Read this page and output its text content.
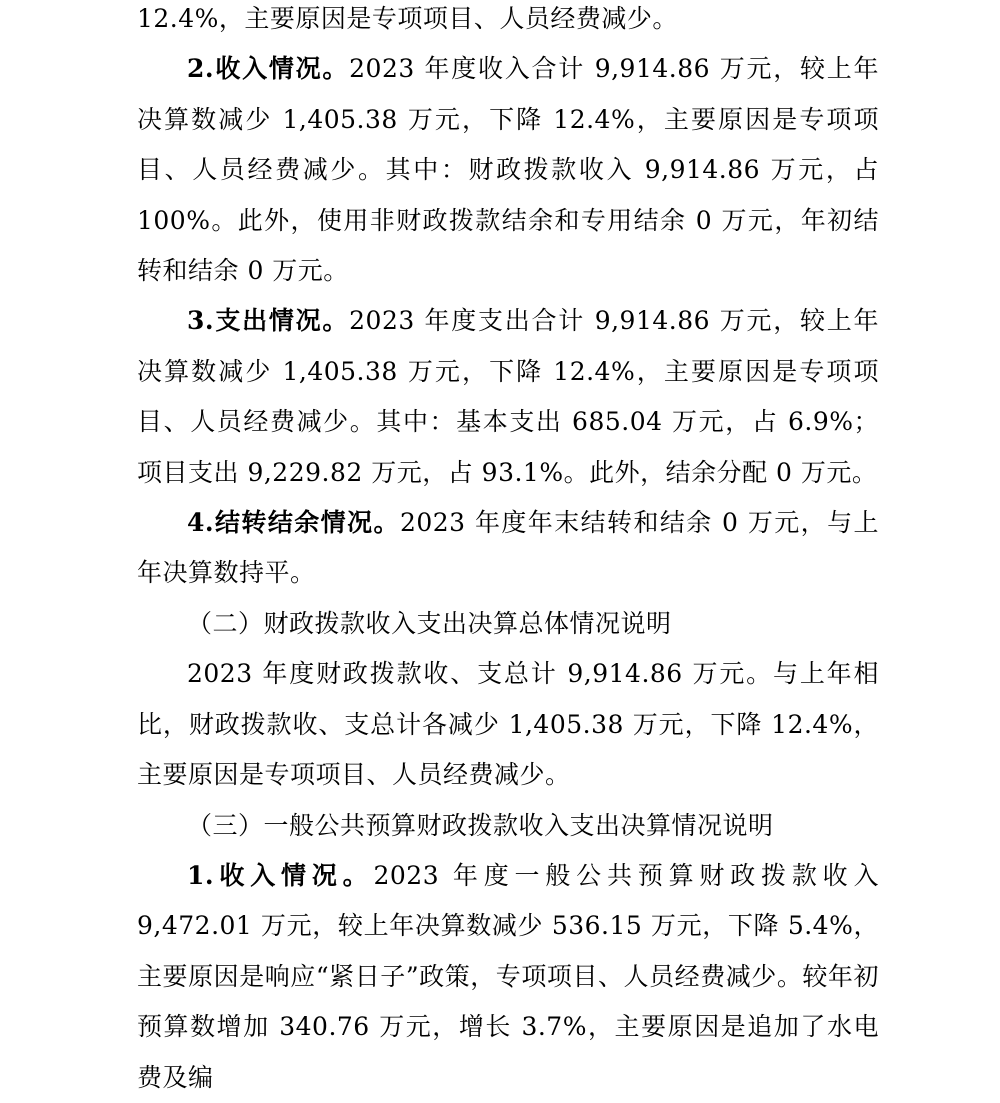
12.4%，主要原因是专项项目、人员经费减少。

2.收入情况。2023 年度收入合计 9,914.86 万元，较上年决算数减少 1,405.38 万元，下降 12.4%，主要原因是专项项目、人员经费减少。其中：财政拨款收入 9,914.86 万元，占 100%。此外，使用非财政拨款结余和专用结余 0 万元，年初结转和结余 0 万元。

3.支出情况。2023 年度支出合计 9,914.86 万元，较上年决算数减少 1,405.38 万元，下降 12.4%，主要原因是专项项目、人员经费减少。其中：基本支出 685.04 万元，占 6.9%；项目支出 9,229.82 万元，占 93.1%。此外，结余分配 0 万元。

4.结转结余情况。2023 年度年末结转和结余 0 万元，与上年决算数持平。

（二）财政拨款收入支出决算总体情况说明

2023 年度财政拨款收、支总计 9,914.86 万元。与上年相比，财政拨款收、支总计各减少 1,405.38 万元，下降 12.4%，主要原因是专项项目、人员经费减少。

（三）一般公共预算财政拨款收入支出决算情况说明

1.收入情况。2023 年度一般公共预算财政拨款收入 9,472.01 万元，较上年决算数减少 536.15 万元，下降 5.4%，主要原因是响应“紧日子”政策，专项项目、人员经费减少。较年初预算数增加 340.76 万元，增长 3.7%，主要原因是追加了水电费及编
